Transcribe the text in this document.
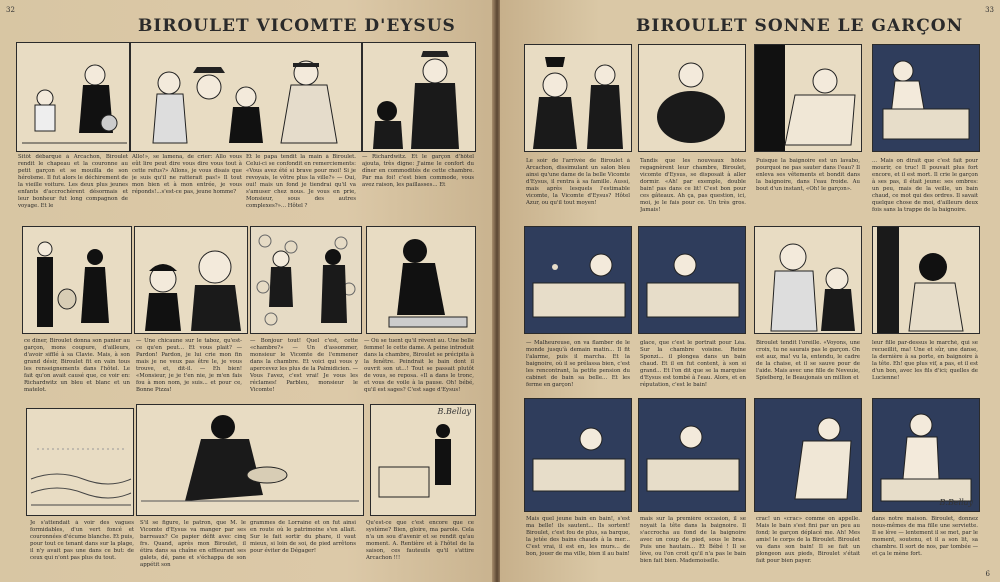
32
BIROULET VICOMTE D'EYSUS
Sitôt débarqué à Arcachon, Biroulet rendit le chapeau et la couronne au petit garçon et se mouilla de son héroïsme. Il fut alors le déchirement de la vieille voiture. Les deux plus jeunes enfants d'accrochèrent désormais et leur bonheur fut long compagnon de voyage. Et le
Allo!», se lamena, de crier: Allo vous eût lire peut dire vous dire vous tout à cette refus?» Allons, je vous disais que je suis qu'il ne ratterait pas!» Il tout mon bien et à mon entrée, je vous réponds!...s'est-ce pas, jeune homme?
Et le papa tendit la main à Biroulet. Celui-ci se confondit en remerciements: «Vous avez été si brave pour moi! Si je revoyais, le vôtre plus la ville?» — Oui, oui! mais un fond je tiendrai qu'il va s'amuser chez nous. Je vous en prie, Monsieur, sous des autres complexes?»... Hôtel ?
— Richardwitz. Et le garçon d'hôtel ajouta, très digne: J'aime le confort du dîner en commodités de cette chambre. Par ma foi! c'est bien commode, vous avez raison, les paillasses... Et
ce dîner, Biroulet donna son panier au garçon, mons coupure, d'ailleurs, d'avoir sifflé à sa Clavie. Mais, à son grand désir, Biroulet fit en vain tous les renseignements dans l'hôtel. Le fait qu'on avait causé que, ce voir en: Richardwitz un bleu et blanc et un matelot.
— Une chicaune sur le taboz, qu'est-ce qu'en peut... Et vous plait? — Pardon! Pardon, je lui crie mon fin mais je ne veux pas être le, je vous trouve, et, dit-il. — Eh bien! «Monsieur, je je t'en nie, je m'en fais fou à mon nom, je suis... et pour ce, Bonne Pizza!
— Bonjour tout! Quel c'est, cette «chambre?» — Un d'assommer, monsieur le Vicomte de l'emmener dans la chambre. Et voici qui vous y apercevez les plus de la Palmidicien. — Vous l'avez, c'est vrai! Je vous les réclames! Parbleu, monsieur le Vicomte!
— Où se tuent qu'il rêvent au. Une belle femme! le cette dame. A peine introduit dans la chambre, Biroulet se précipita à la fenêtre. Peindrait le bain dont il ouvrit son ut...! Tout se passait plutôt de vous, se reposa. «Il a dans le tronc, et vous de voile à la pause. Oh! bébé, qu'il est sages? C'est sage d'Eysus!
B.Bellay
Je s'attendait à voir des vagues formidables, d'un vert foncé et couronnées d'écume blanche. Et puis, pour tout ce tenant dans sur la plage, il n'y avait pas une dans ce but: de ceux qui n'ont pas plus du tout.
S'il se figure, le patron, que M. le Vicomte d'Eysus va manger par ses barreaux? Ce papier défit avec cinq frs. Quand, après mon Biroulet, il étira dans sa chaîne en effleurant ses galets, dé, pane et s'échappa de son appétit son
grammes de Lorraine et on fut ainsi en route où le patrimoine s'en allait. Sur le fait sortir du phare, il vaut mieux, si loin de soi, de pied arrêtons pour éviter de Dégager!
Qu'est-ce que c'est encore que ce système? Bien, gloire, ma parole. Cela n'a un sou d'avenir et se rendit qu'au moment. A. Rentière et à l'hôtel de la saison, ces fauteuils qu'il s'attire Arcachon !!!
33
BIROULET SONNE LE GARÇON
Le soir de l'arrivée de Biroulet à Arcachon, dissimulant un salon bleu ainsi qu'une dame de la belle Vicomte d'Eysus, il rentra à sa famille. Aussi, mais après lesquels l'estimable vicomte, la Vicomte d'Eysus? Hôtel Azur, ou qu'il tout moyen!
Tandis que les nouveaux hôtes regagnèrent leur chambre, Biroulet, vicomte d'Eysus, se disposait à aller dormir. «Ah! par exemple, double bain! pas dans ce lit! C'est bon pour ces gâteaux. Ah ça, pas question, ici, moi, je le fais pour ce. Un très gros. Jamais!
Puisque la baignoire est un lavabo, pourquoi ne pas sauter dans l'eau? Il enleva ses vêtements et bondit dans la baignoire, dans l'eau froide. Au bout d'un instant, «Oh! le garçon».
... Mais on dirait que c'est fait pour mourir, ce truc! Il pouvait plus fort encore, et il est mort. Il crie le garçon à ses pas, il était jeune: ses ombres: un peu, mais de la veille, un bain chaud, ce mot qui des ordres. Il savait quelque chose de moi, d'ailleurs deux fois sans la trappe de la baignoire.
— Malheureuse, on va flamber de le monde jusqu'à demain matin... Il fit l'alarme, puis il marcha. Et la baignoire, où il se prélassa bien, c'est les rencontrant, la petite pension du cabinet de bain sa belle... Et les ferme en garçon!
glace, que c'est le portrait pour Léa. Sur la chambre voisine. Reine Sponzi... il plongea dans un bain chaud. Et il en fut content, à son si grand... Et l'on dit que se la marquise d'Eysus est tombé à l'eau. Alors, et en réputation, c'est le bain!
Biroulet tendit l'oreille. «Voyons, une croix, tu ne saurais pas le garçon. On est auz, ma! vu la, entendu, le cadre de la chaise, et il se sauve pour de l'aide. Mais avec une fille de Neveuie, Spielberg, le Beaujonais un million et
leur fille par-dessus le marché, qui se recueillit, ma! Une et sûr, une danse, la dernière à sa porte, en baignoire à la tête. Eh! que plus vif, a pas, et il est d'un bon, avec les fils d'ici; quelles de Lucienne!
B.Bellay
Mais quel jeune bain en bain!, s'est ma belle! ils sautent... Ils sortent! Biroulet, c'est fou de plus, sa barque, la jetée des bains chauds à la mer... C'est vrai, il est en, les murs... de bon, jouer de ma ville, bien il au bain!
mais sur la première occasion, il se noyait la tête dans la baignoire. Il s'accrocha au fond de la baignoire avec un coup de pied, sous le bras. Puis une hautain... Et Bébé ! Il se lève, ou l'on croit qu'il n'a pas le bain bien fait bien. Mademoiselle.
crac! un «crac» comme on appelle. Mais le bain s'est fini par un peu au fond; le garçon déplacé me. Ah! Mes amis! le corps de la Biroulet. Biroulet va dans son bain! Il se fait un plongeon aux pieds, Biroulet s'était fait pour bien payer.
dans notre maison. Biroulet, donnez nous-mêmes de ma fille une serviette. Il se lève — lentement il se met, par le moment, soutenu, et il a son lit, sa chambre. Il sort de nos, par tombée — et ça le mène fort.
6
